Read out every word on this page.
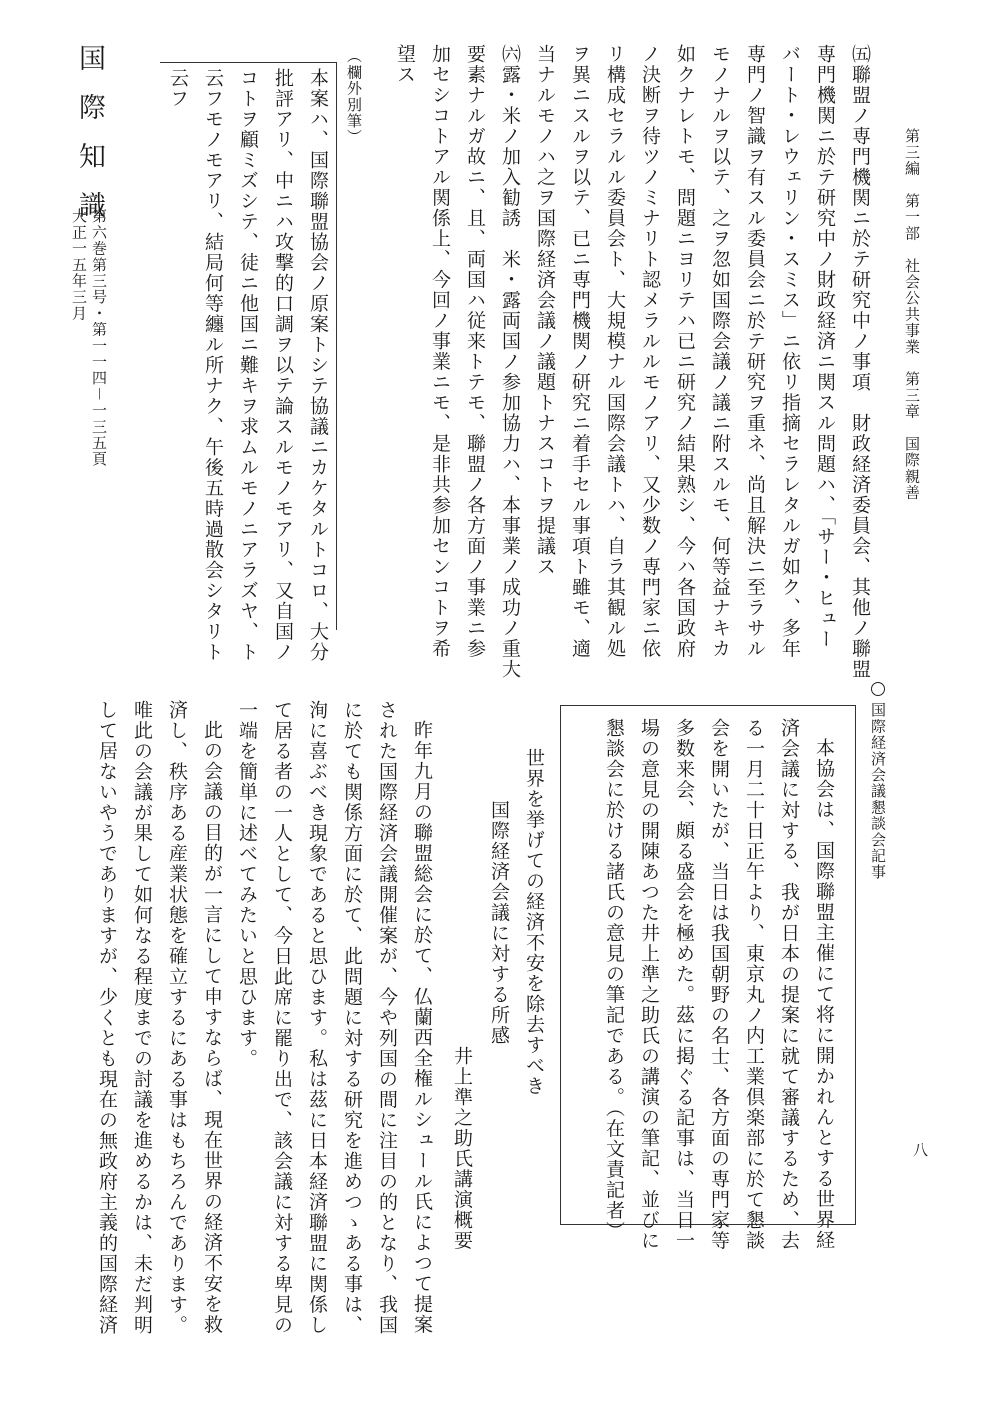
第三編　第一部　社会公共事業　第三章　国際親善
八
㈤聯盟ノ専門機関ニ於テ研究中ノ事項　財政経済委員会、其他ノ聯盟
専門機関ニ於テ研究中ノ財政経済ニ関スル問題ハ、「サー・ヒュー
バート・レウェリン・スミス」ニ依リ指摘セラレタルガ如ク、多年
専門ノ智識ヲ有スル委員会ニ於テ研究ヲ重ネ、尚且解決ニ至ラサル
モノナルヲ以テ、之ヲ忽如国際会議ノ議ニ附スルモ、何等益ナキカ
如クナレトモ、問題ニヨリテハ已ニ研究ノ結果熟シ、今ハ各国政府
ノ決断ヲ待ツノミナリト認メラルルモノアリ、又少数ノ専門家ニ依
リ構成セラルル委員会ト、大規模ナル国際会議トハ、自ラ其観ル処
ヲ異ニスルヲ以テ、已ニ専門機関ノ研究ニ着手セル事項ト雖モ、適
当ナルモノハ之ヲ国際経済会議ノ議題トナスコトヲ提議ス
㈥露・米ノ加入勧誘　米・露両国ノ参加協力ハ、本事業ノ成功ノ重大
要素ナルガ故ニ、且、両国ハ従来トテモ、聯盟ノ各方面ノ事業ニ参
加セシコトアル関係上、今回ノ事業ニモ、是非共参加センコトヲ希
望ス
（欄外別筆）
本案ハ、国際聯盟協会ノ原案トシテ協議ニカケタルトコロ、大分
批評アリ、中ニハ攻撃的口調ヲ以テ論スルモノモアリ、又自国ノ
コトヲ顧ミズシテ、徒ニ他国ニ難キヲ求ムルモノニアラズヤ、ト
云フモノモアリ、結局何等纏ル所ナク、午後五時過散会シタリト
云フ
国際知識
第六巻第三号・第一一四－一三五頁
大正一五年三月
国際経済会議懇談会記事
本協会は、国際聯盟主催にて将に開かれんとする世界経
済会議に対する、我が日本の提案に就て審議するため、去
る一月二十日正午より、東京丸ノ内工業倶楽部に於て懇談
会を開いたが、当日は我国朝野の名士、各方面の専門家等
多数来会、頗る盛会を極めた。茲に掲ぐる記事は、当日一
場の意見の開陳あつた井上準之助氏の講演の筆記、並びに
懇談会に於ける諸氏の意見の筆記である。（在文責記者）
世界を挙げての経済不安を除去すべき
国際経済会議に対する所感
井上準之助氏講演概要
昨年九月の聯盟総会に於て、仏蘭西全権ルシュール氏によつて提案
された国際経済会議開催案が、今や列国の間に注目の的となり、我国
に於ても関係方面に於て、此問題に対する研究を進めつゝある事は、
洵に喜ぶべき現象であると思ひます。私は茲に日本経済聯盟に関係し
て居る者の一人として、今日此席に罷り出で、該会議に対する卑見の
一端を簡単に述べてみたいと思ひます。
此の会議の目的が一言にして申すならば、現在世界の経済不安を救
済し、秩序ある産業状態を確立するにある事はもちろんであります。
唯此の会議が果して如何なる程度までの討議を進めるかは、未だ判明
して居ないやうでありますが、少くとも現在の無政府主義的国際経済
